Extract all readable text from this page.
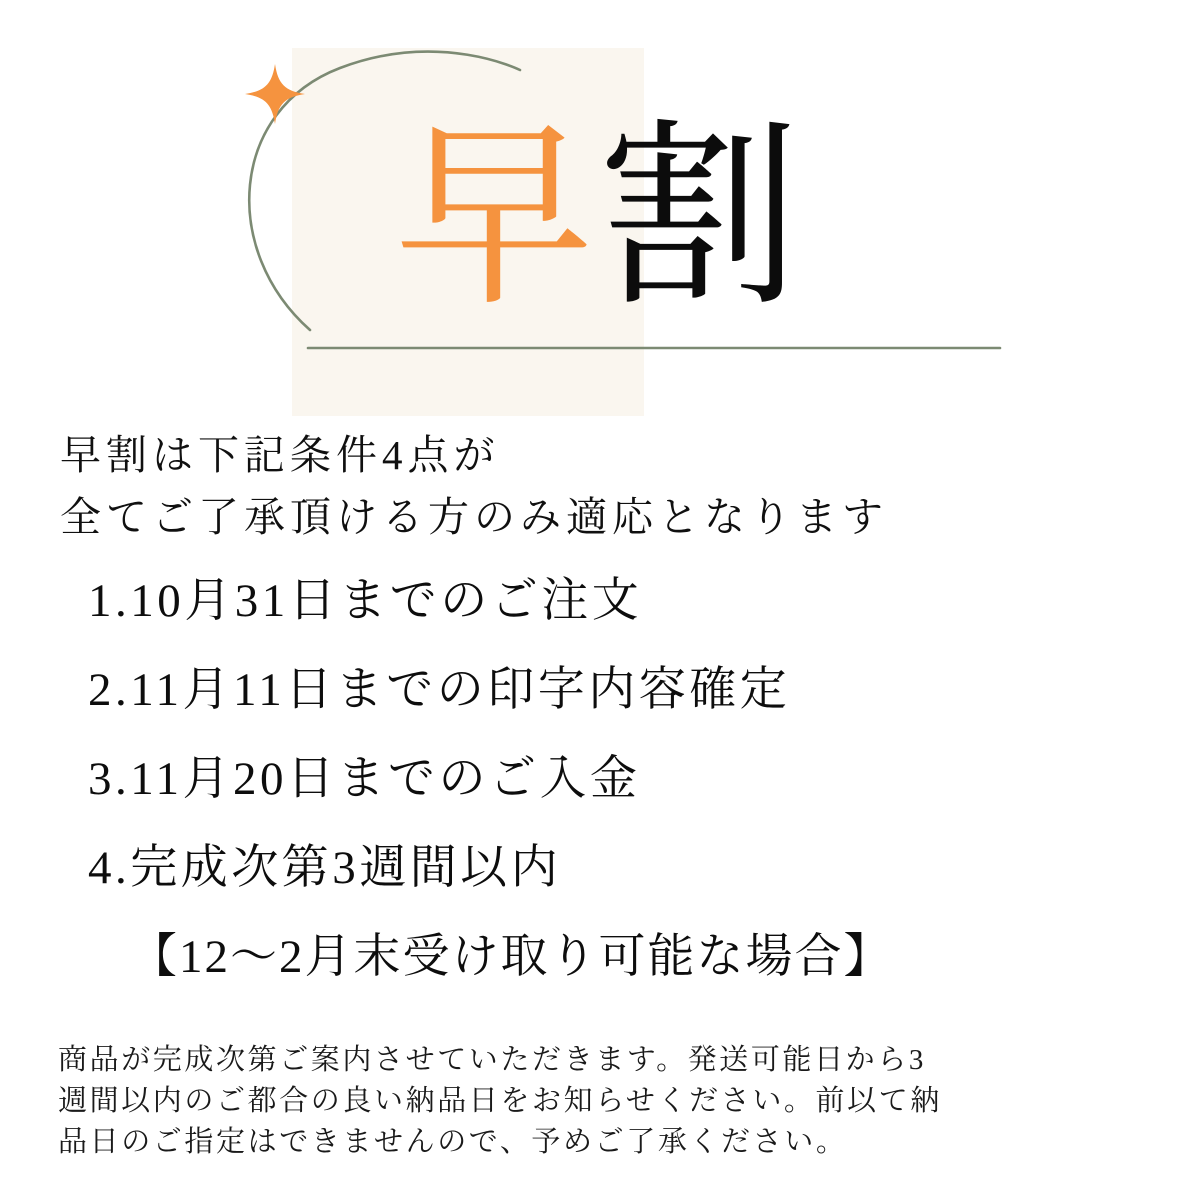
早割
早割は下記条件4点が
全てご了承頂ける方のみ適応となります
1.10月31日までのご注文
2.11月11日までの印字内容確定
3.11月20日までのご入金
4.完成次第3週間以内
【12〜2月末受け取り可能な場合】
商品が完成次第ご案内させていただきます。発送可能日から3
週間以内のご都合の良い納品日をお知らせください。前以て納
品日のご指定はできませんので、予めご了承ください。
